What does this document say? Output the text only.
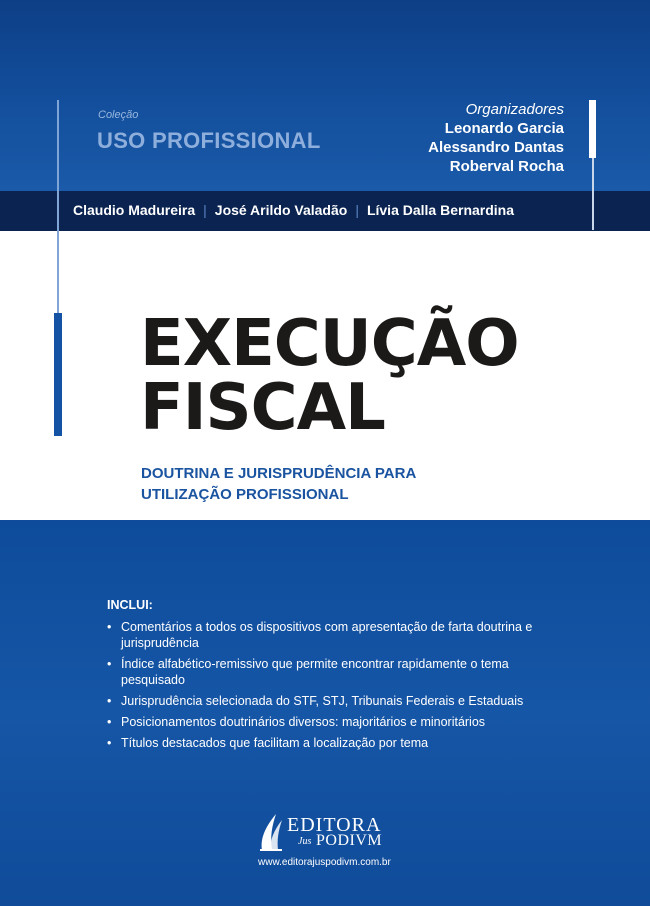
Coleção
USO PROFISSIONAL
Organizadores
Leonardo Garcia
Alessandro Dantas
Roberval Rocha
Claudio Madureira | José Arildo Valadão | Lívia Dalla Bernardina
EXECUÇÃO
FISCAL
DOUTRINA E JURISPRUDÊNCIA PARA
UTILIZAÇÃO PROFISSIONAL
INCLUI:
• Comentários a todos os dispositivos com apresentação de farta doutrina e jurisprudência
• Índice alfabético-remissivo que permite encontrar rapidamente o tema pesquisado
• Jurisprudência selecionada do STF, STJ, Tribunais Federais e Estaduais
• Posicionamentos doutrinários diversos: majoritários e minoritários
• Títulos destacados que facilitam a localização por tema
EDITORA
Jus PODIVM
www.editorajuspodivm.com.br
